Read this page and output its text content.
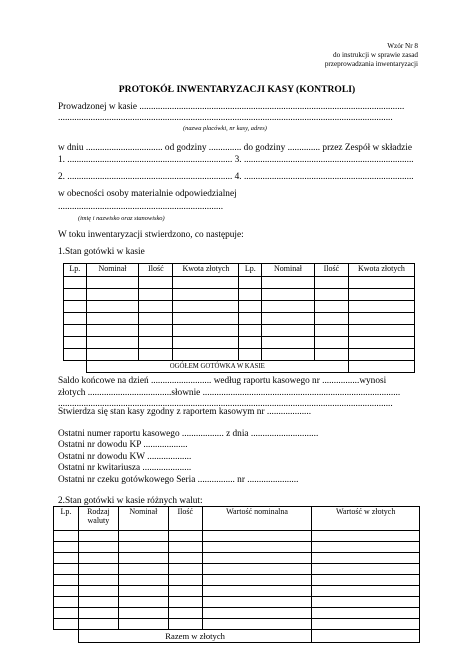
Wzór Nr 8
do instrukcji w sprawie zasad
przeprowadzania inwentaryzacji
PROTOKÓŁ INWENTARYZACJI KASY (KONTROLI)
Prowadzonej w kasie ..................................................................................................................
................................................................................................................................................
(nazwa placówki, nr kasy, adres)
w dniu ................................. od godziny .............. do godziny .............. przez Zespół w składzie
1. ....................................................................... 3. .........................................................................
2. ....................................................................... 4. .........................................................................
w obecności osoby materialnie odpowiedzialnej
.......................................................................
(imię i nazwisko oraz stanowisko)
W toku inwentaryzacji stwierdzono, co następuje:
1.Stan gotówki w kasie
Lp.	Nominał	Ilość	Kwota złotych	Lp.	Nominał	Ilość	Kwota złotych

	OGÓŁEM GOTÓWKA W KASIE						
Saldo końcowe na dzień .......................... według raportu kasowego nr ................wynosi
złotych ....................................słownie .....................................................................................
................................................................................................................................................
Stwierdza się stan kasy zgodny z raportem kasowym nr ...................
Ostatni numer raportu kasowego .................. z dnia .............................
Ostatni nr dowodu KP ...................
Ostatni nr dowodu KW ...................
Ostatni nr kwitariusza .....................
Ostatni nr czeku gotówkowego Seria ................ nr ......................
2.Stan gotówki w kasie różnych walut:
Lp.	Rodzaj waluty	Nominał	Ilość	Wartość nominalna	Wartość w złotych

	Razem w złotych				
